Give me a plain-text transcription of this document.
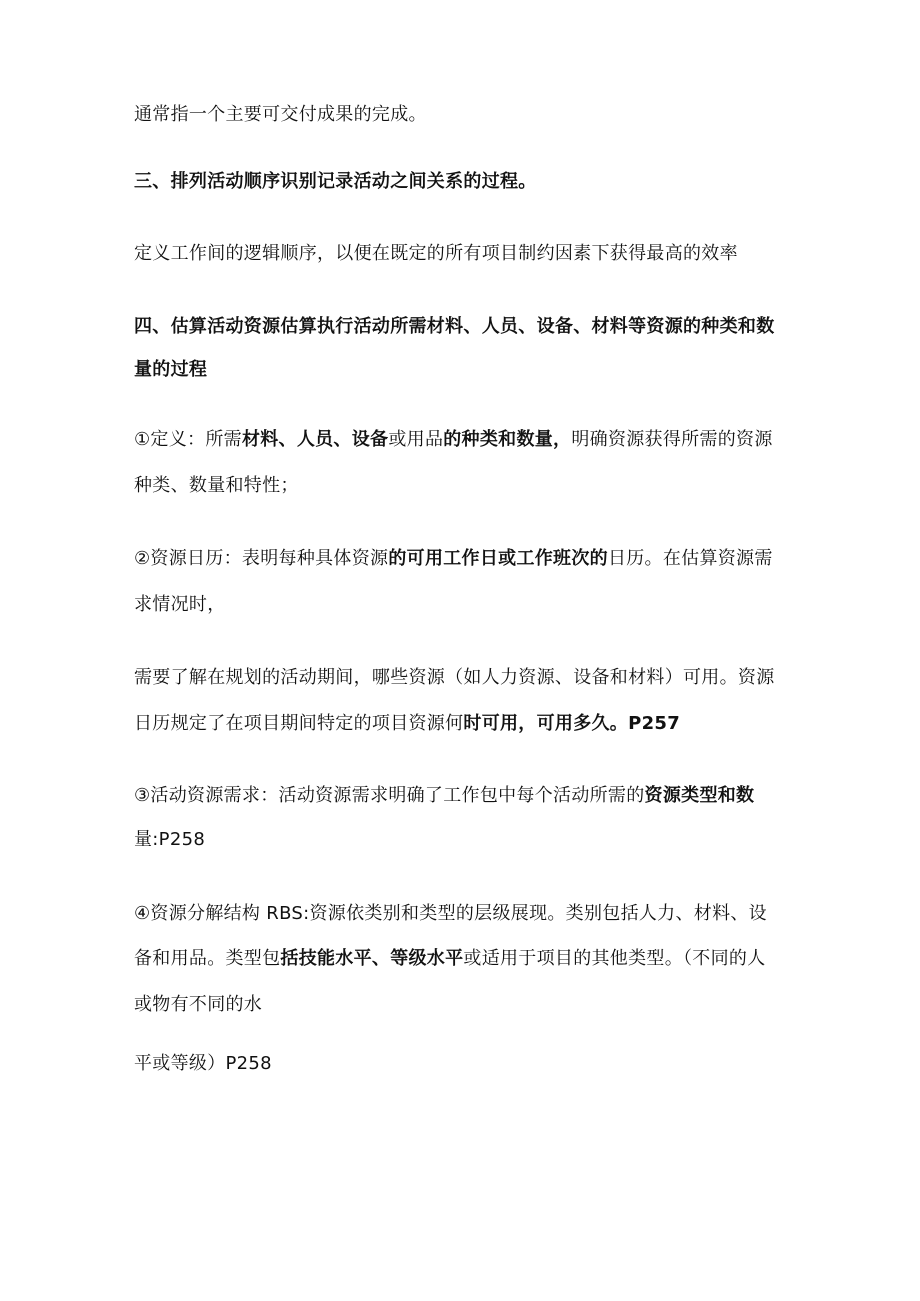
通常指一个主要可交付成果的完成。
三、排列活动顺序识别记录活动之间关系的过程。
定义工作间的逻辑顺序，以便在既定的所有项目制约因素下获得最高的效率
四、估算活动资源估算执行活动所需材料、人员、设备、材料等资源的种类和数
量的过程
①定义：所需材料、人员、设备或用品的种类和数量，明确资源获得所需的资源
种类、数量和特性；
②资源日历：表明每种具体资源的可用工作日或工作班次的日历。在估算资源需
求情况时，
需要了解在规划的活动期间，哪些资源（如人力资源、设备和材料）可用。资源
日历规定了在项目期间特定的项目资源何时可用，可用多久。P257
③活动资源需求：活动资源需求明确了工作包中每个活动所需的资源类型和数
量:P258
④资源分解结构 RBS:资源依类别和类型的层级展现。类别包括人力、材料、设
备和用品。类型包括技能水平、等级水平或适用于项目的其他类型。（不同的人
或物有不同的水
平或等级）P258
